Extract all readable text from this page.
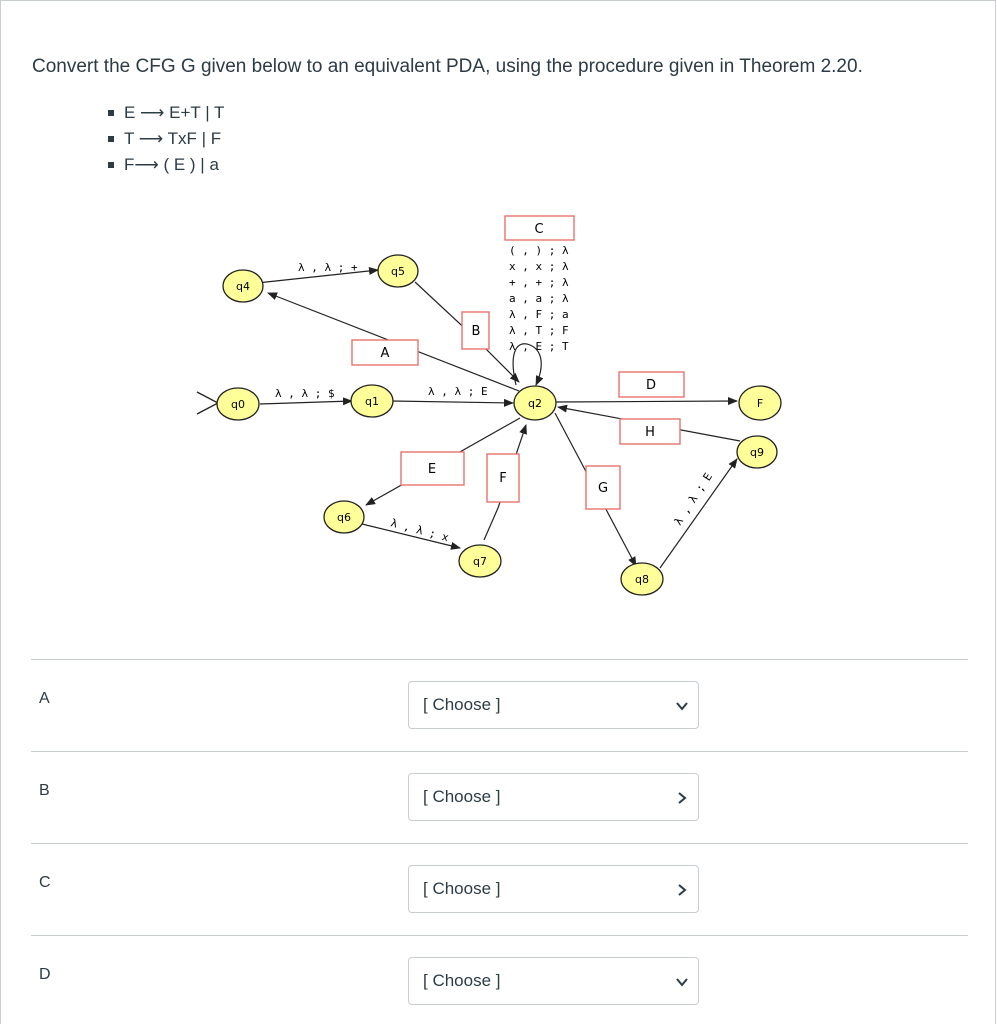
Convert the CFG G given below to an equivalent PDA, using the procedure given in Theorem 2.20.
E ⟶ E+T | T
T ⟶ TxF | F
F⟶ ( E ) | a
q0	q1	q2
q4
q5
q6
q7
q8
q9
F
λ , λ ; $	λ , λ ; E
λ , λ ; +
λ , λ ; x
λ , λ ; E
( , ) ; λ
x , x ; λ
+ , + ; λ
a , a ; λ
λ , F ; a
λ , T ; F
λ , E ; T
A
B
C
D
E
F
G
H
A	[ Choose ]
B	[ Choose ]
C	[ Choose ]
D	[ Choose ]
